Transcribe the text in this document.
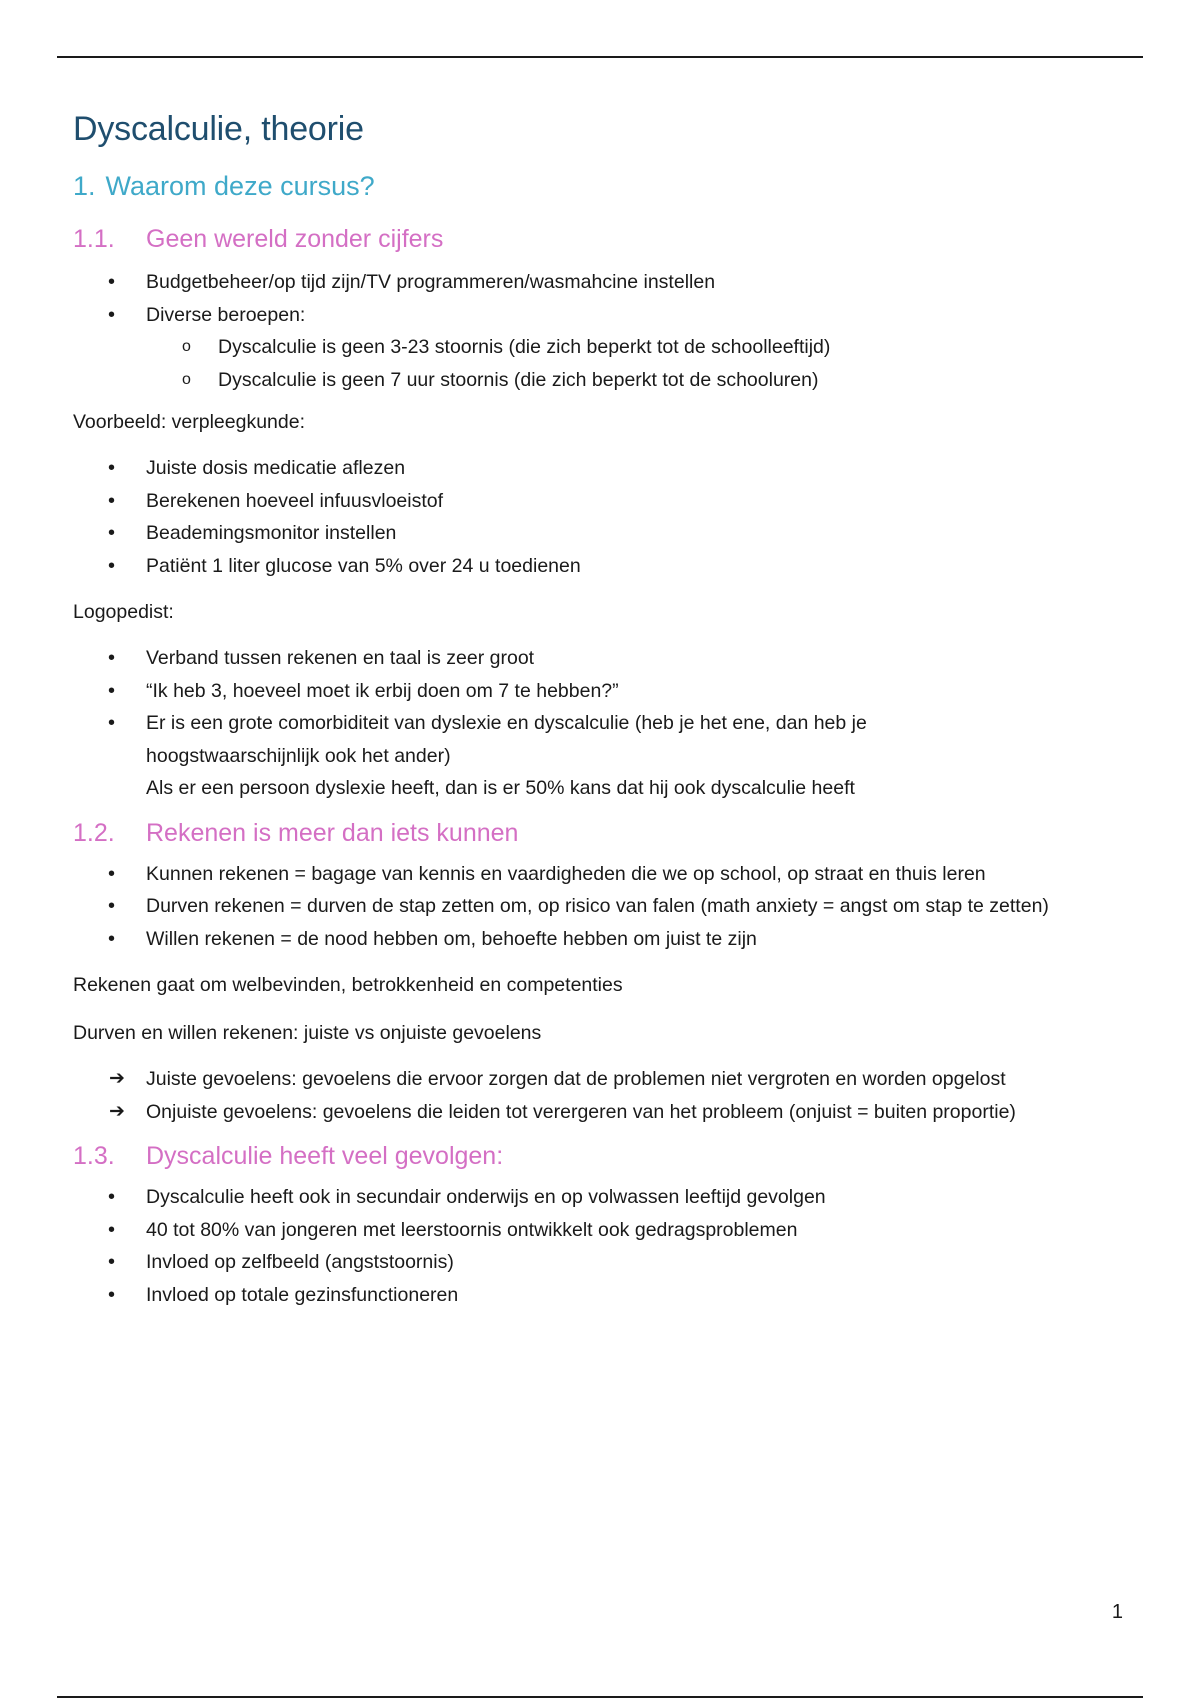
Dyscalculie, theorie
1. Waarom deze cursus?
1.1.	Geen wereld zonder cijfers
• Budgetbeheer/op tijd zijn/TV programmeren/wasmahcine instellen
• Diverse beroepen:
o Dyscalculie is geen 3-23 stoornis (die zich beperkt tot de schoolleeftijd)
o Dyscalculie is geen 7 uur stoornis (die zich beperkt tot de schooluren)

Voorbeeld: verpleegkunde:

• Juiste dosis medicatie aflezen
• Berekenen hoeveel infuusvloeistof
• Beademingsmonitor instellen
• Patiënt 1 liter glucose van 5% over 24 u toedienen

Logopedist:

• Verband tussen rekenen en taal is zeer groot
• “Ik heb 3, hoeveel moet ik erbij doen om 7 te hebben?”
• Er is een grote comorbiditeit van dyslexie en dyscalculie (heb je het ene, dan heb je hoogstwaarschijnlijk ook het ander)

Als er een persoon dyslexie heeft, dan is er 50% kans dat hij ook dyscalculie heeft

1.2.	Rekenen is meer dan iets kunnen
• Kunnen rekenen = bagage van kennis en vaardigheden die we op school, op straat en thuis leren
• Durven rekenen = durven de stap zetten om, op risico van falen (math anxiety = angst om stap te zetten)
• Willen rekenen = de nood hebben om, behoefte hebben om juist te zijn

Rekenen gaat om welbevinden, betrokkenheid en competenties

Durven en willen rekenen: juiste vs onjuiste gevoelens

➔ Juiste gevoelens: gevoelens die ervoor zorgen dat de problemen niet vergroten en worden opgelost
➔ Onjuiste gevoelens: gevoelens die leiden tot verergeren van het probleem (onjuist = buiten proportie)
1.3.	Dyscalculie heeft veel gevolgen:
• Dyscalculie heeft ook in secundair onderwijs en op volwassen leeftijd gevolgen
• 40 tot 80% van jongeren met leerstoornis ontwikkelt ook gedragsproblemen
• Invloed op zelfbeeld (angststoornis)
• Invloed op totale gezinsfunctioneren
1
